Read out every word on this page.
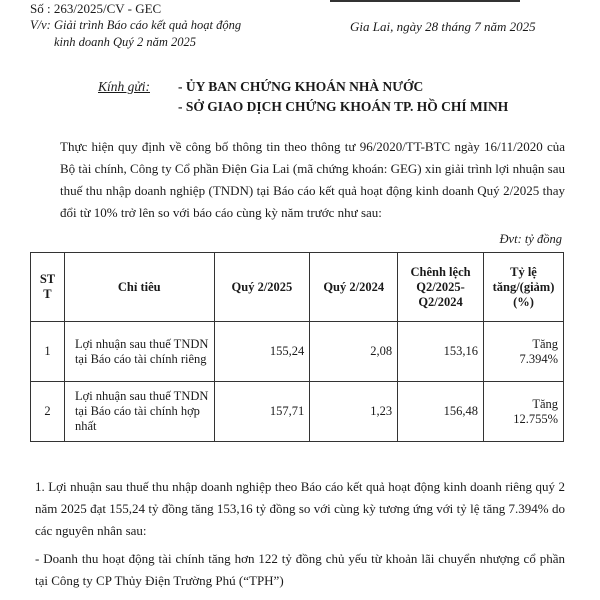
Số : 263/2025/CV - GEC
V/v: Giải trình Báo cáo kết quả hoạt động
kinh doanh Quý 2 năm 2025
Gia Lai, ngày 28 tháng 7 năm 2025
Kính gửi: - ỦY BAN CHỨNG KHOÁN NHÀ NƯỚC
- SỞ GIAO DỊCH CHỨNG KHOÁN TP. HỒ CHÍ MINH

Thực hiện quy định về công bố thông tin theo thông tư 96/2020/TT-BTC ngày 16/11/2020 của Bộ tài chính, Công ty Cổ phần Điện Gia Lai (mã chứng khoán: GEG) xin giải trình lợi nhuận sau thuế thu nhập doanh nghiệp (TNDN) tại Báo cáo kết quả hoạt động kinh doanh Quý 2/2025 thay đổi từ 10% trở lên so với báo cáo cùng kỳ năm trước như sau:

Đvt: tỷ đồng
ST T	Chỉ tiêu	Quý 2/2025	Quý 2/2024	Chênh lệch Q2/2025-Q2/2024	Tỷ lệ tăng/(giảm) (%)
1	Lợi nhuận sau thuế TNDN tại Báo cáo tài chính riêng	155,24	2,08	153,16	Tăng
7.394%

2	Lợi nhuận sau thuế TNDN tại Báo cáo tài chính hợp nhất	157,71	1,23	156,48	Tăng
12.755%

1. Lợi nhuận sau thuế thu nhập doanh nghiệp theo Báo cáo kết quả hoạt động kinh doanh riêng quý 2 năm 2025 đạt 155,24 tỷ đồng tăng 153,16 tỷ đồng so với cùng kỳ tương ứng với tỷ lệ tăng 7.394% do các nguyên nhân sau:

- Doanh thu hoạt động tài chính tăng hơn 122 tỷ đồng chủ yếu từ khoản lãi chuyển nhượng cổ phần tại Công ty CP Thủy Điện Trường Phú (“TPH”)
